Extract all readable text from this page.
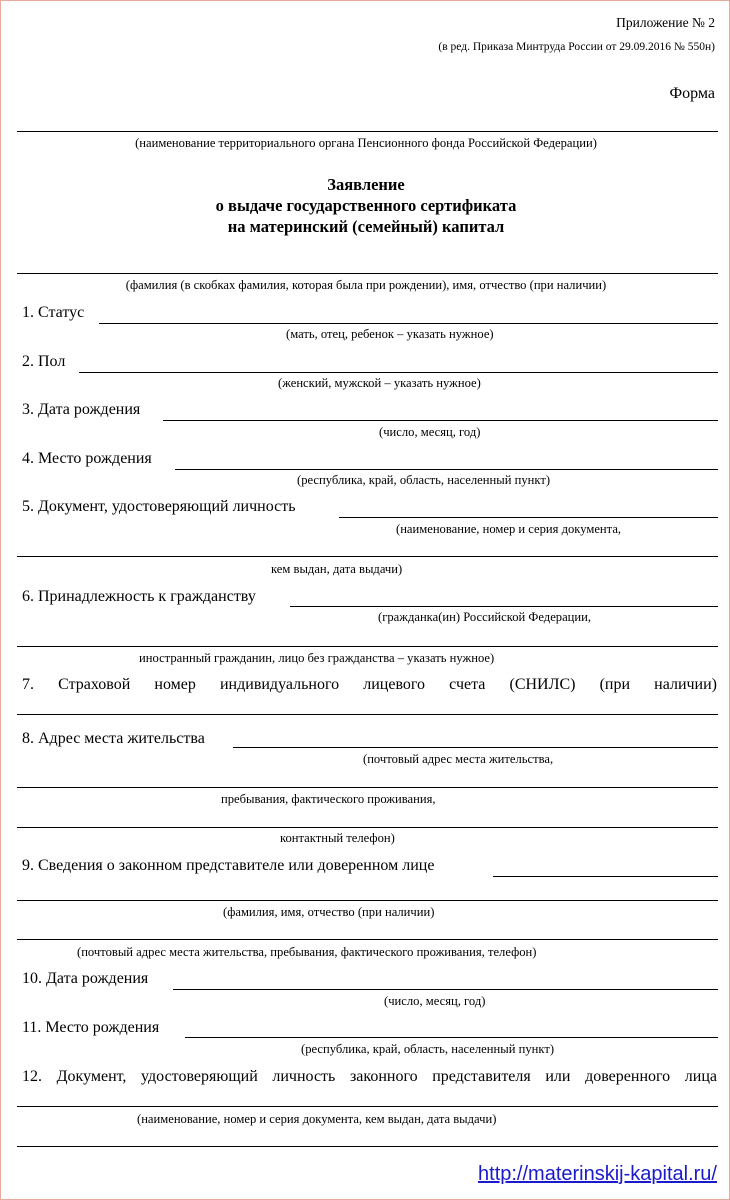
Приложение № 2
(в ред. Приказа Минтруда России от 29.09.2016 № 550н)
Форма
(наименование территориального органа Пенсионного фонда Российской Федерации)
Заявление
о выдаче государственного сертификата
на материнский (семейный) капитал
(фамилия (в скобках фамилия, которая была при рождении), имя, отчество (при наличии)
1. Статус
(мать, отец, ребенок – указать нужное)
2. Пол
(женский, мужской – указать нужное)
3. Дата рождения
(число, месяц, год)
4. Место рождения
(республика, край, область, населенный пункт)
5. Документ, удостоверяющий личность
(наименование, номер и серия документа,
кем выдан, дата выдачи)
6. Принадлежность к гражданству
(гражданка(ин) Российской Федерации,
иностранный гражданин, лицо без гражданства – указать нужное)
7. Страховой номер индивидуального лицевого счета (СНИЛС) (при наличии)
8. Адрес места жительства
(почтовый адрес места жительства,
пребывания, фактического проживания,
контактный телефон)
9. Сведения о законном представителе или доверенном лице
(фамилия, имя, отчество (при наличии)
(почтовый адрес места жительства, пребывания, фактического проживания, телефон)
10. Дата рождения
(число, месяц, год)
11. Место рождения
(республика, край, область, населенный пункт)
12. Документ, удостоверяющий личность законного представителя или доверенного лица
(наименование, номер и серия документа, кем выдан, дата выдачи)
http://materinskij-kapital.ru/
